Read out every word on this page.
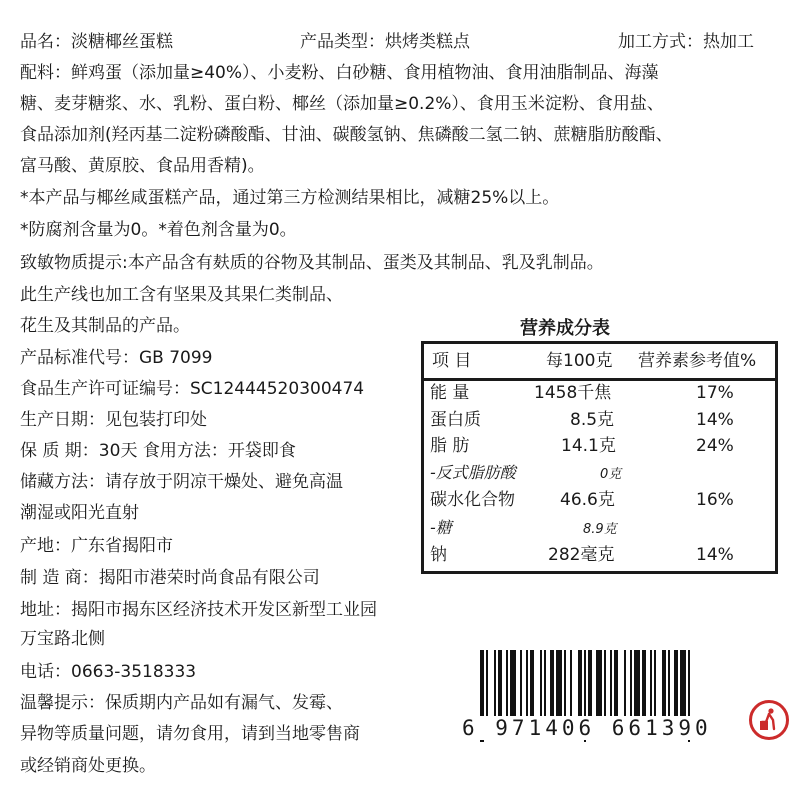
品名：淡糖椰丝蛋糕	产品类型：烘烤类糕点	加工方式：热加工
配料：鲜鸡蛋（添加量≥40%）、小麦粉、白砂糖、食用植物油、食用油脂制品、海藻
糖、麦芽糖浆、水、乳粉、蛋白粉、椰丝（添加量≥0.2%）、食用玉米淀粉、食用盐、
食品添加剂(羟丙基二淀粉磷酸酯、甘油、碳酸氢钠、焦磷酸二氢二钠、蔗糖脂肪酸酯、
富马酸、黄原胶、食品用香精)。
*本产品与椰丝咸蛋糕产品，通过第三方检测结果相比，减糖25%以上。
*防腐剂含量为0。*着色剂含量为0。
致敏物质提示:本产品含有麸质的谷物及其制品、蛋类及其制品、乳及乳制品。
此生产线也加工含有坚果及其果仁类制品、
花生及其制品的产品。
产品标准代号：GB 7099
食品生产许可证编号：SC12444520300474
生产日期：见包装打印处
保 质 期：30天 食用方法：开袋即食
储藏方法：请存放于阴凉干燥处、避免高温
潮湿或阳光直射
产地：广东省揭阳市
制 造 商：揭阳市港荣时尚食品有限公司
地址：揭阳市揭东区经济技术开发区新型工业园
万宝路北侧
电话：0663-3518333
温馨提示：保质期内产品如有漏气、发霉、
异物等质量问题，请勿食用，请到当地零售商
或经销商处更换。
营养成分表
项 目	每100克 营养素参考值%
能 量	1458千焦	17%
蛋白质	8.5克	14%
脂 肪	14.1克	24%
-反式脂肪酸	0克
碳水化合物	46.6克	16%
-糖	8.9克
钠	282毫克	14%
6 971406 661390
